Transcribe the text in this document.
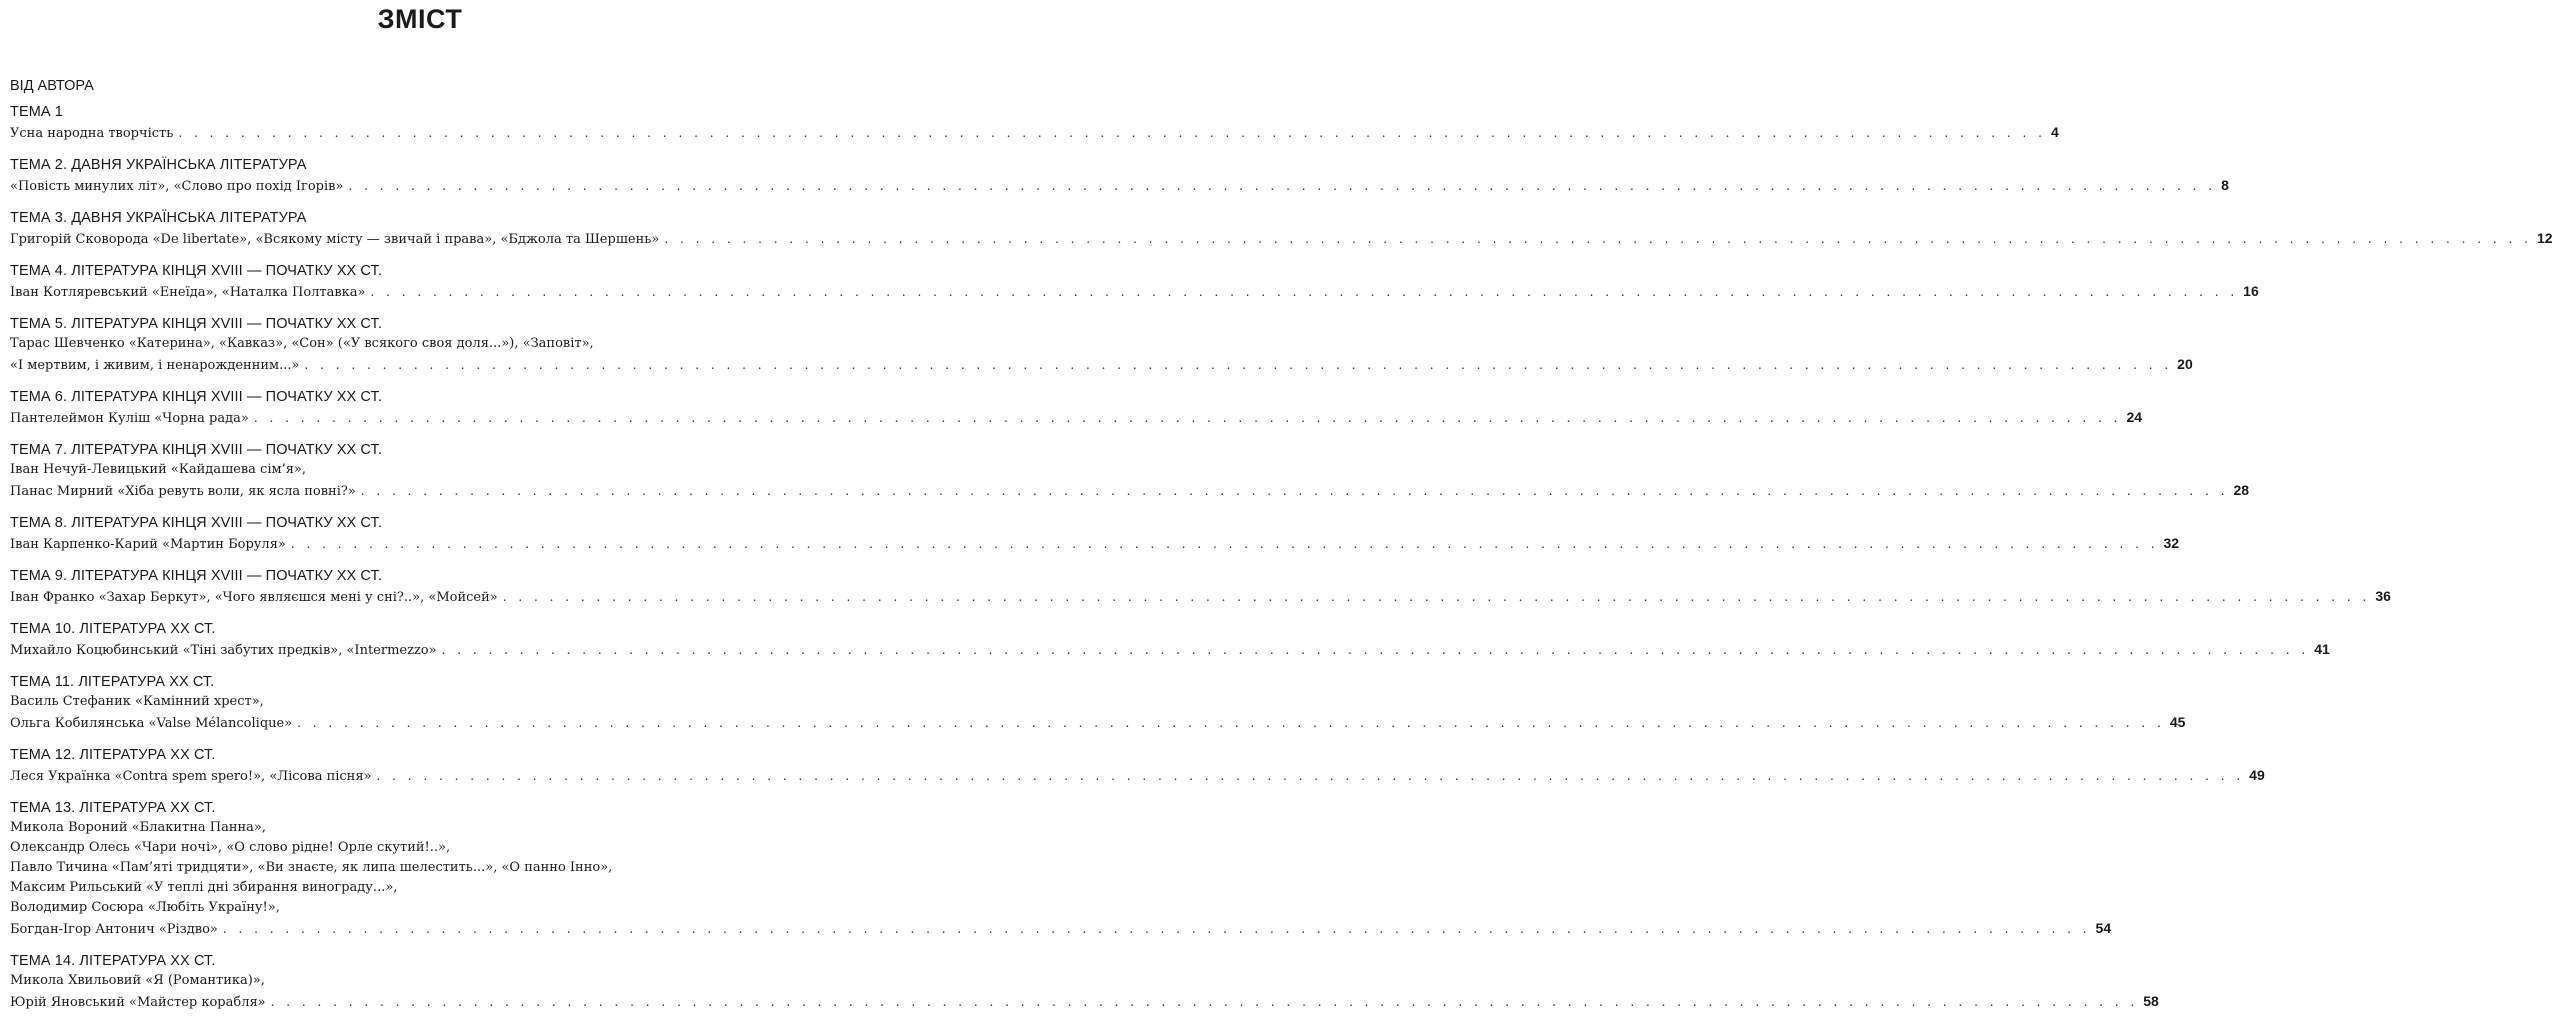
ЗМІСТ
ВІД АВТОРА
ТЕМА 1
Усна народна творчість . . . . . . . . . . . . . . . . . . . . . . . . . . . . . . . . . . . . . . . . . . . . . . . . . . . . . . . . . . . . . . . . . . . . . . . . . . . . . . . . . . . . . . . . . . . . . . . . . . . . . . . . . . . . . . . . . . . . . . . . 4
ТЕМА 2. ДАВНЯ УКРАЇНСЬКА ЛІТЕРАТУРА
«Повість минулих літ», «Слово про похід Ігорів» . . . . . . . . . . . . . . . . . . . . . . . . . . . . . . . . . . . . . . . . . . . . . . . . . . . . . . . . . . . . . . . . . . . . . . . . . . . . . . . . . . . . . . . . . . . . . . . . . . . . . . . . . . . . . . . . . . . . . . . . 8
ТЕМА 3. ДАВНЯ УКРАЇНСЬКА ЛІТЕРАТУРА
Григорій Сковорода «De libertate», «Всякому місту — звичай і права», «Бджола та Шершень» . . . . . . . . . . . . . . . . . . . . . . . . . . . . . . . . . . . . . . . . . . . . . . . . . . . . . . . . . . . . . . . . . . . . . . . . . . . . . . . . . . . . . . . . . . . . . . . . . . . . . . . . . . . . . . . . . . . . . . . . 12
ТЕМА 4. ЛІТЕРАТУРА КІНЦЯ XVIII — ПОЧАТКУ XX СТ.
Іван Котляревський «Енеїда», «Наталка Полтавка» . . . . . . . . . . . . . . . . . . . . . . . . . . . . . . . . . . . . . . . . . . . . . . . . . . . . . . . . . . . . . . . . . . . . . . . . . . . . . . . . . . . . . . . . . . . . . . . . . . . . . . . . . . . . . . . . . . . . . . . . 16
ТЕМА 5. ЛІТЕРАТУРА КІНЦЯ XVIII — ПОЧАТКУ XX СТ.
Тарас Шевченко «Катерина», «Кавказ», «Сон» («У всякого своя доля...»), «Заповіт»,
«І мертвим, і живим, і ненарожденним...» . . . . . . . . . . . . . . . . . . . . . . . . . . . . . . . . . . . . . . . . . . . . . . . . . . . . . . . . . . . . . . . . . . . . . . . . . . . . . . . . . . . . . . . . . . . . . . . . . . . . . . . . . . . . . . . . . . . . . . . . 20
ТЕМА 6. ЛІТЕРАТУРА КІНЦЯ XVIII — ПОЧАТКУ XX СТ.
Пантелеймон Куліш «Чорна рада» . . . . . . . . . . . . . . . . . . . . . . . . . . . . . . . . . . . . . . . . . . . . . . . . . . . . . . . . . . . . . . . . . . . . . . . . . . . . . . . . . . . . . . . . . . . . . . . . . . . . . . . . . . . . . . . . . . . . . . . . 24
ТЕМА 7. ЛІТЕРАТУРА КІНЦЯ XVIII — ПОЧАТКУ XX СТ.
Іван Нечуй-Левицький «Кайдашева сім’я»,
Панас Мирний «Хіба ревуть воли, як ясла повні?» . . . . . . . . . . . . . . . . . . . . . . . . . . . . . . . . . . . . . . . . . . . . . . . . . . . . . . . . . . . . . . . . . . . . . . . . . . . . . . . . . . . . . . . . . . . . . . . . . . . . . . . . . . . . . . . . . . . . . . . . 28
ТЕМА 8. ЛІТЕРАТУРА КІНЦЯ XVIII — ПОЧАТКУ XX СТ.
Іван Карпенко-Карий «Мартин Боруля» . . . . . . . . . . . . . . . . . . . . . . . . . . . . . . . . . . . . . . . . . . . . . . . . . . . . . . . . . . . . . . . . . . . . . . . . . . . . . . . . . . . . . . . . . . . . . . . . . . . . . . . . . . . . . . . . . . . . . . . . 32
ТЕМА 9. ЛІТЕРАТУРА КІНЦЯ XVIII — ПОЧАТКУ XX СТ.
Іван Франко «Захар Беркут», «Чого являєшся мені у сні?..», «Мойсей» . . . . . . . . . . . . . . . . . . . . . . . . . . . . . . . . . . . . . . . . . . . . . . . . . . . . . . . . . . . . . . . . . . . . . . . . . . . . . . . . . . . . . . . . . . . . . . . . . . . . . . . . . . . . . . . . . . . . . . . . 36
ТЕМА 10. ЛІТЕРАТУРА XX СТ.
Михайло Коцюбинський «Тіні забутих предків», «Intermezzo» . . . . . . . . . . . . . . . . . . . . . . . . . . . . . . . . . . . . . . . . . . . . . . . . . . . . . . . . . . . . . . . . . . . . . . . . . . . . . . . . . . . . . . . . . . . . . . . . . . . . . . . . . . . . . . . . . . . . . . . . 41
ТЕМА 11. ЛІТЕРАТУРА XX СТ.
Василь Стефаник «Камінний хрест»,
Ольга Кобилянська «Valse Mélancolique» . . . . . . . . . . . . . . . . . . . . . . . . . . . . . . . . . . . . . . . . . . . . . . . . . . . . . . . . . . . . . . . . . . . . . . . . . . . . . . . . . . . . . . . . . . . . . . . . . . . . . . . . . . . . . . . . . . . . . . . . 45
ТЕМА 12. ЛІТЕРАТУРА XX СТ.
Леся Українка «Contra spem spero!», «Лісова пісня» . . . . . . . . . . . . . . . . . . . . . . . . . . . . . . . . . . . . . . . . . . . . . . . . . . . . . . . . . . . . . . . . . . . . . . . . . . . . . . . . . . . . . . . . . . . . . . . . . . . . . . . . . . . . . . . . . . . . . . . . 49
ТЕМА 13. ЛІТЕРАТУРА XX СТ.
Микола Вороний «Блакитна Панна»,
Олександр Олесь «Чари ночі», «О слово рідне! Орле скутий!..»,
Павло Тичина «Пам’яті тридцяти», «Ви знаєте, як липа шелестить...», «О панно Інно»,
Максим Рильський «У теплі дні збирання винограду...»,
Володимир Сосюра «Любіть Україну!»,
Богдан-Ігор Антонич «Різдво» . . . . . . . . . . . . . . . . . . . . . . . . . . . . . . . . . . . . . . . . . . . . . . . . . . . . . . . . . . . . . . . . . . . . . . . . . . . . . . . . . . . . . . . . . . . . . . . . . . . . . . . . . . . . . . . . . . . . . . . . 54
ТЕМА 14. ЛІТЕРАТУРА XX СТ.
Микола Хвильовий «Я (Романтика)»,
Юрій Яновський «Майстер корабля» . . . . . . . . . . . . . . . . . . . . . . . . . . . . . . . . . . . . . . . . . . . . . . . . . . . . . . . . . . . . . . . . . . . . . . . . . . . . . . . . . . . . . . . . . . . . . . . . . . . . . . . . . . . . . . . . . . . . . . . . 58
